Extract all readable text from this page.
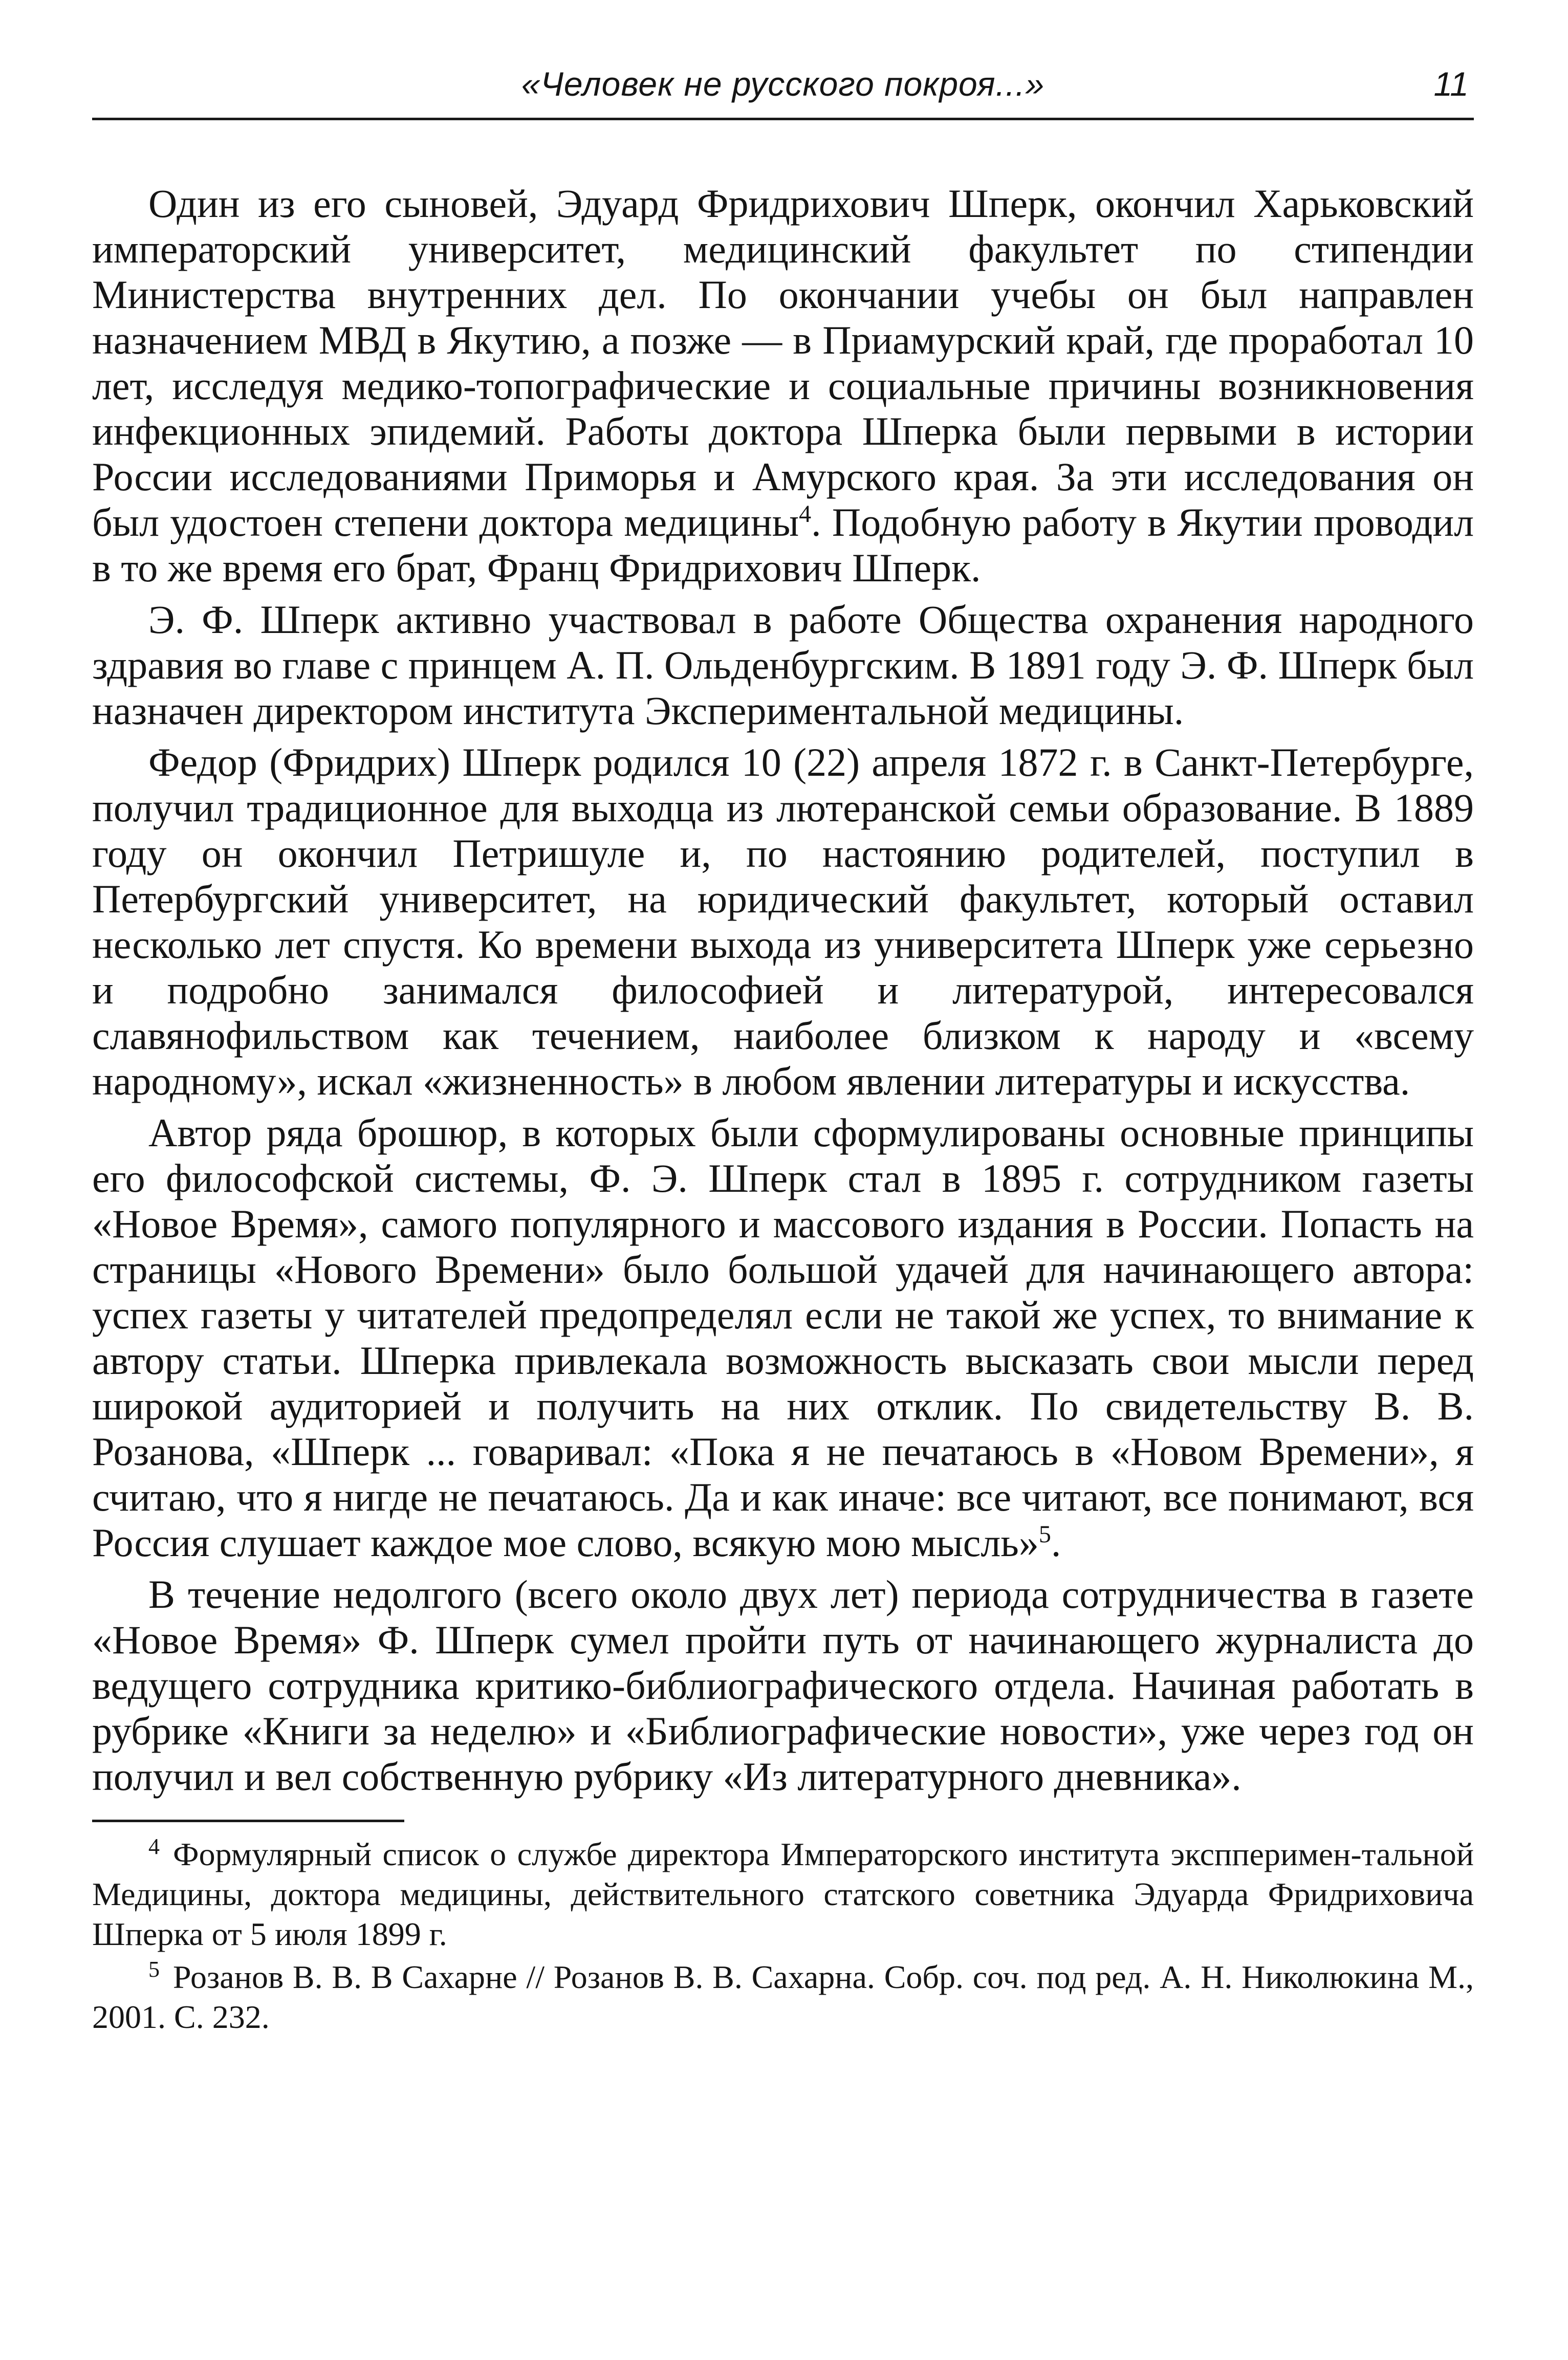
«Человек не русского покроя...»	11

Один из его сыновей, Эдуард Фридрихович Шперк, окончил Харьковский императорский университет, медицинский факультет по стипендии Министерства внутренних дел. По окончании учебы он был направлен назначением МВД в Якутию, а позже — в Приамурский край, где проработал 10 лет, исследуя медико-топографические и социальные причины возникновения инфекционных эпидемий. Работы доктора Шперка были первыми в истории России исследованиями Приморья и Амурского края. За эти исследования он был удостоен степени доктора медицины$^4$. Подобную работу в Якутии проводил в то же время его брат, Франц Фридрихович Шперк.

Э. Ф. Шперк активно участвовал в работе Общества охранения народного здравия во главе с принцем А. П. Ольденбургским. В 1891 году Э. Ф. Шперк был назначен директором института Экспериментальной медицины.

Федор (Фридрих) Шперк родился 10 (22) апреля 1872 г. в Санкт-Петербурге, получил традиционное для выходца из лютеранской семьи образование. В 1889 году он окончил Петришуле и, по настоянию родителей, поступил в Петербургский университет, на юридический факультет, который оставил несколько лет спустя. Ко времени выхода из университета Шперк уже серьезно и подробно занимался философией и литературой, интересовался славянофильством как течением, наиболее близком к народу и «всему народному», искал «жизненность» в любом явлении литературы и искусства.

Автор ряда брошюр, в которых были сформулированы основные принципы его философской системы, Ф. Э. Шперк стал в 1895 г. сотрудником газеты «Новое Время», самого популярного и массового издания в России. Попасть на страницы «Нового Времени» было большой удачей для начинающего автора: успех газеты у читателей предопределял если не такой же успех, то внимание к автору статьи. Шперка привлекала возможность высказать свои мысли перед широкой аудиторией и получить на них отклик. По свидетельству В. В. Розанова, «Шперк ... говаривал: «Пока я не печатаюсь в «Новом Времени», я считаю, что я нигде не печатаюсь. Да и как иначе: все читают, все понимают, вся Россия слушает каждое мое слово, всякую мою мысль»$^5$.

В течение недолгого (всего около двух лет) периода сотрудничества в газете «Новое Время» Ф. Шперк сумел пройти путь от начинающего журналиста до ведущего сотрудника критико-библиографического отдела. Начиная работать в рубрике «Книги за неделю» и «Библиографические новости», уже через год он получил и вел собственную рубрику «Из литературного дневника».

$^4$ Формулярный список о службе директора Императорского института экспперимен-тальной Медицины, доктора медицины, действительного статского советника Эдуарда Фридриховича Шперка от 5 июля 1899 г.

$^5$ Розанов В. В. В Сахарне // Розанов В. В. Сахарна. Собр. соч. под ред. А. Н. Николюкина М., 2001. С. 232.
